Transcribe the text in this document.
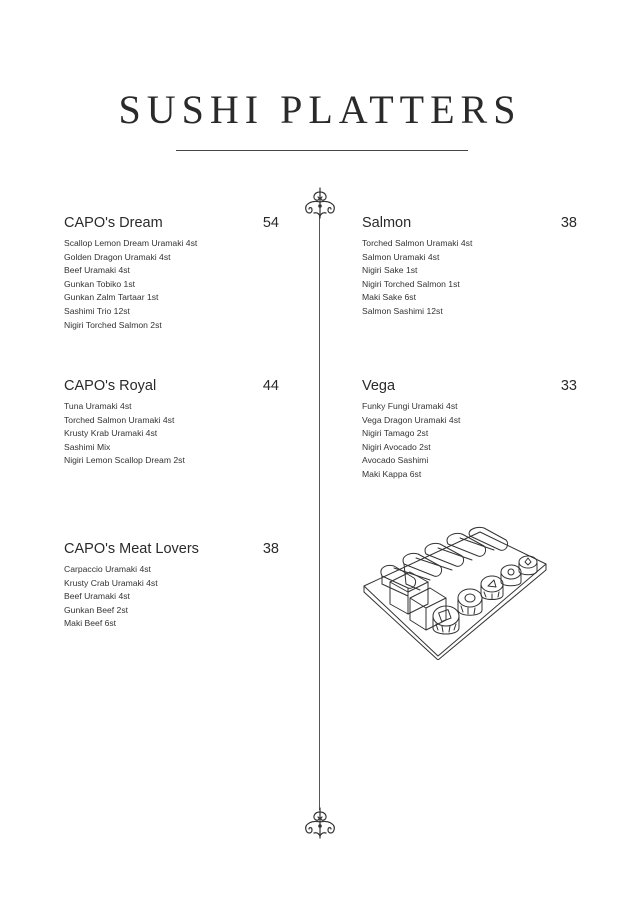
SUSHI PLATTERS
CAPO's Dream	54
Scallop Lemon Dream Uramaki 4st
Golden Dragon Uramaki 4st
Beef Uramaki 4st
Gunkan Tobiko 1st
Gunkan Zalm Tartaar 1st
Sashimi Trio 12st
Nigiri Torched Salmon 2st
Salmon	38
Torched Salmon Uramaki 4st
Salmon Uramaki 4st
Nigiri Sake 1st
Nigiri Torched Salmon 1st
Maki Sake 6st
Salmon Sashimi 12st
CAPO's Royal	44
Tuna Uramaki 4st
Torched Salmon Uramaki 4st
Krusty Krab Uramaki 4st
Sashimi Mix
Nigiri Lemon Scallop Dream 2st
Vega	33
Funky Fungi Uramaki 4st
Vega Dragon Uramaki 4st
Nigiri Tamago 2st
Nigiri Avocado 2st
Avocado Sashimi
Maki Kappa 6st
CAPO's Meat Lovers	38
Carpaccio Uramaki 4st
Krusty Crab Uramaki 4st
Beef Uramaki 4st
Gunkan Beef 2st
Maki Beef 6st
